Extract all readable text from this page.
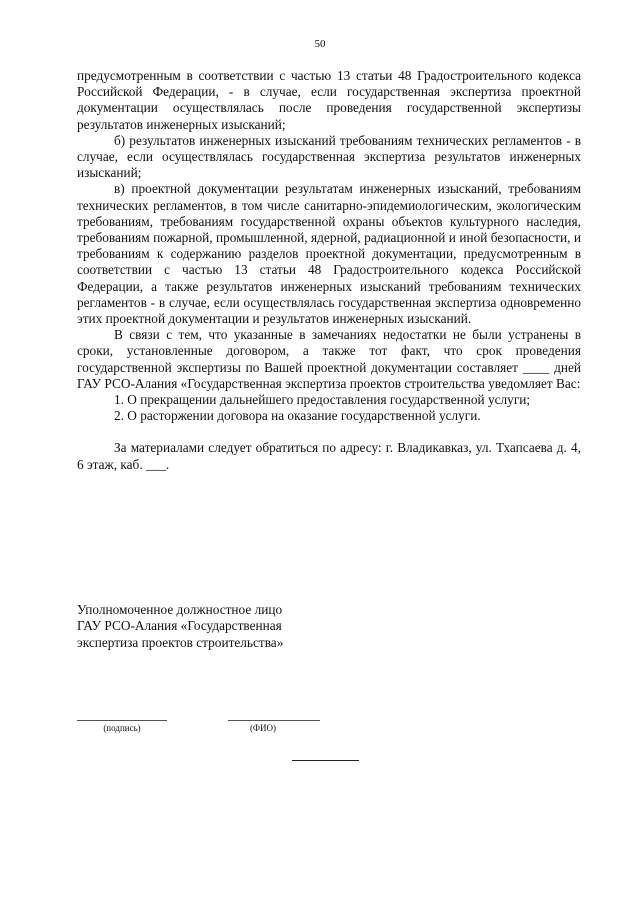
50

предусмотренным в соответствии с частью 13 статьи 48 Градостроительного кодекса Российской Федерации, - в случае, если государственная экспертиза проектной документации осуществлялась после проведения государственной экспертизы результатов инженерных изысканий;

б) результатов инженерных изысканий требованиям технических регламентов - в случае, если осуществлялась государственная экспертиза результатов инженерных изысканий;

в) проектной документации результатам инженерных изысканий, требованиям технических регламентов, в том числе санитарно-эпидемиологическим, экологическим требованиям, требованиям государственной охраны объектов культурного наследия, требованиям пожарной, промышленной, ядерной, радиационной и иной безопасности, и требованиям к содержанию разделов проектной документации, предусмотренным в соответствии с частью 13 статьи 48 Градостроительного кодекса Российской Федерации, а также результатов инженерных изысканий требованиям технических регламентов - в случае, если осуществлялась государственная экспертиза одновременно этих проектной документации и результатов инженерных изысканий.

В связи с тем, что указанные в замечаниях недостатки не были устранены в сроки, установленные договором, а также тот факт, что срок проведения государственной экспертизы по Вашей проектной документации составляет ____ дней ГАУ РСО-Алания «Государственная экспертиза проектов строительства уведомляет Вас:

1. О прекращении дальнейшего предоставления государственной услуги;

2. О расторжении договора на оказание государственной услуги.

За материалами следует обратиться по адресу: г. Владикавказ, ул. Тхапсаева д. 4, 6 этаж, каб. ___.

Уполномоченное должностное лицо
ГАУ РСО-Алания «Государственная
экспертиза проектов строительства»
(подпись)	(ФИО)
